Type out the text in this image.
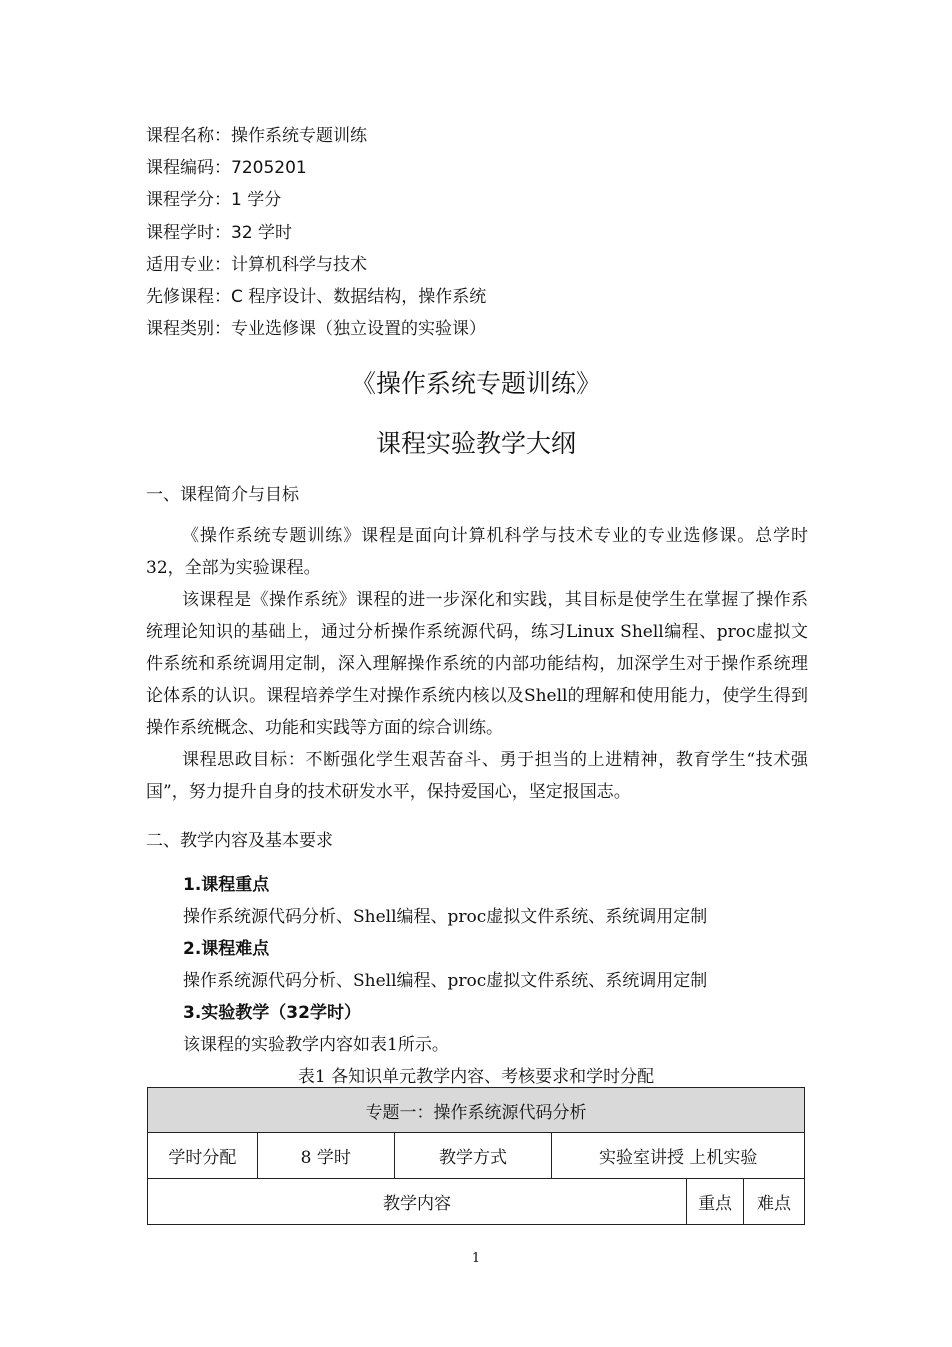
课程名称：操作系统专题训练
课程编码：7205201
课程学分：1 学分
课程学时：32 学时
适用专业：计算机科学与技术
先修课程：C 程序设计、数据结构，操作系统
课程类别：专业选修课（独立设置的实验课）
《操作系统专题训练》
课程实验教学大纲
一、课程简介与目标
《操作系统专题训练》课程是面向计算机科学与技术专业的专业选修课。总学时32，全部为实验课程。
该课程是《操作系统》课程的进一步深化和实践，其目标是使学生在掌握了操作系统理论知识的基础上，通过分析操作系统源代码，练习Linux Shell编程、proc虚拟文件系统和系统调用定制，深入理解操作系统的内部功能结构，加深学生对于操作系统理论体系的认识。课程培养学生对操作系统内核以及Shell的理解和使用能力，使学生得到操作系统概念、功能和实践等方面的综合训练。
课程思政目标：不断强化学生艰苦奋斗、勇于担当的上进精神，教育学生“技术强国”，努力提升自身的技术研发水平，保持爱国心，坚定报国志。
二、教学内容及基本要求
1.课程重点
操作系统源代码分析、Shell编程、proc虚拟文件系统、系统调用定制
2.课程难点
操作系统源代码分析、Shell编程、proc虚拟文件系统、系统调用定制
3.实验教学（32学时）
该课程的实验教学内容如表1所示。
表1 各知识单元教学内容、考核要求和学时分配
专题一：操作系统源代码分析					
学时分配	8 学时	教学方式	实验室讲授 上机实验		
教学内容				重点	难点
1
